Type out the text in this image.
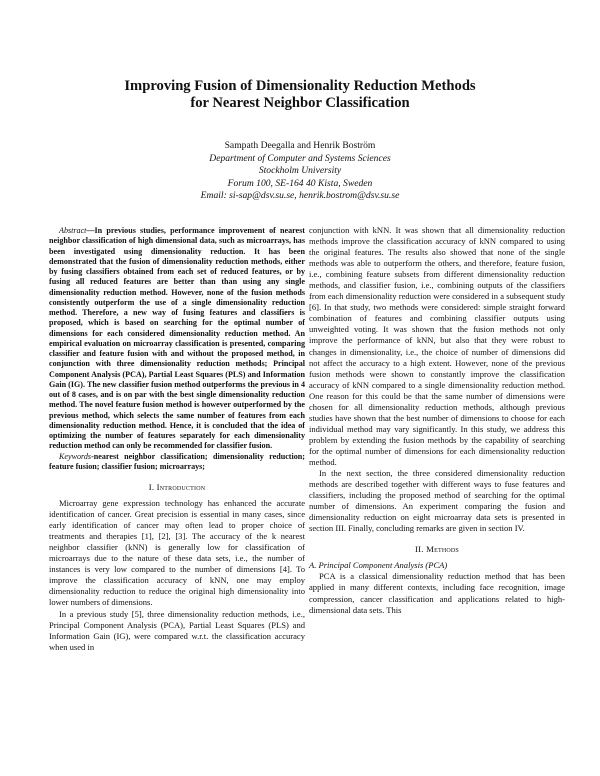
Improving Fusion of Dimensionality Reduction Methods
for Nearest Neighbor Classification
Sampath Deegalla and Henrik Boström
Department of Computer and Systems Sciences
Stockholm University
Forum 100, SE-164 40 Kista, Sweden
Email: si-sap@dsv.su.se, henrik.bostrom@dsv.su.se

Abstract—In previous studies, performance improvement of nearest neighbor classification of high dimensional data, such as microarrays, has been investigated using dimensionality reduction. It has been demonstrated that the fusion of dimensionality reduction methods, either by fusing classifiers obtained from each set of reduced features, or by fusing all reduced features are better than than using any single dimensionality reduction method. However, none of the fusion methods consistently outperform the use of a single dimensionality reduction method. Therefore, a new way of fusing features and classifiers is proposed, which is based on searching for the optimal number of dimensions for each considered dimensionality reduction method. An empirical evaluation on microarray classification is presented, comparing classifier and feature fusion with and without the proposed method, in conjunction with three dimensionality reduction methods; Principal Component Analysis (PCA), Partial Least Squares (PLS) and Information Gain (IG). The new classifier fusion method outperforms the previous in 4 out of 8 cases, and is on par with the best single dimensionality reduction method. The novel feature fusion method is however outperformed by the previous method, which selects the same number of features from each dimensionality reduction method. Hence, it is concluded that the idea of optimizing the number of features separately for each dimensionality reduction method can only be recommended for classifier fusion.

Keywords-nearest neighbor classification; dimensionality reduction; feature fusion; classifier fusion; microarrays;

I. Introduction

Microarray gene expression technology has enhanced the accurate identification of cancer. Great precision is essential in many cases, since early identification of cancer may often lead to proper choice of treatments and therapies [1], [2], [3]. The accuracy of the k nearest neighbor classifier (kNN) is generally low for classification of microarrays due to the nature of these data sets, i.e., the number of instances is very low compared to the number of dimensions [4]. To improve the classification accuracy of kNN, one may employ dimensionality reduction to reduce the original high dimensionality into lower numbers of dimensions.

In a previous study [5], three dimensionality reduction methods, i.e., Principal Component Analysis (PCA), Partial Least Squares (PLS) and Information Gain (IG), were compared w.r.t. the classification accuracy when used in

conjunction with kNN. It was shown that all dimensionality reduction methods improve the classification accuracy of kNN compared to using the original features. The results also showed that none of the single methods was able to outperform the others, and therefore, feature fusion, i.e., combining feature subsets from different dimensionality reduction methods, and classifier fusion, i.e., combining outputs of the classifiers from each dimensionality reduction were considered in a subsequent study [6]. In that study, two methods were considered: simple straight forward combination of features and combining classifier outputs using unweighted voting. It was shown that the fusion methods not only improve the performance of kNN, but also that they were robust to changes in dimensionality, i.e., the choice of number of dimensions did not affect the accuracy to a high extent. However, none of the previous fusion methods were shown to constantly improve the classification accuracy of kNN compared to a single dimensionality reduction method. One reason for this could be that the same number of dimensions were chosen for all dimensionality reduction methods, although previous studies have shown that the best number of dimensions to choose for each individual method may vary significantly. In this study, we address this problem by extending the fusion methods by the capability of searching for the optimal number of dimensions for each dimensionality reduction method.

In the next section, the three considered dimensionality reduction methods are described together with different ways to fuse features and classifiers, including the proposed method of searching for the optimal number of dimensions. An experiment comparing the fusion and dimensionality reduction on eight microarray data sets is presented in section III. Finally, concluding remarks are given in section IV.

II. Methods

A. Principal Component Analysis (PCA)

PCA is a classical dimensionality reduction method that has been applied in many different contexts, including face recognition, image compression, cancer classification and applications related to high-dimensional data sets. This
